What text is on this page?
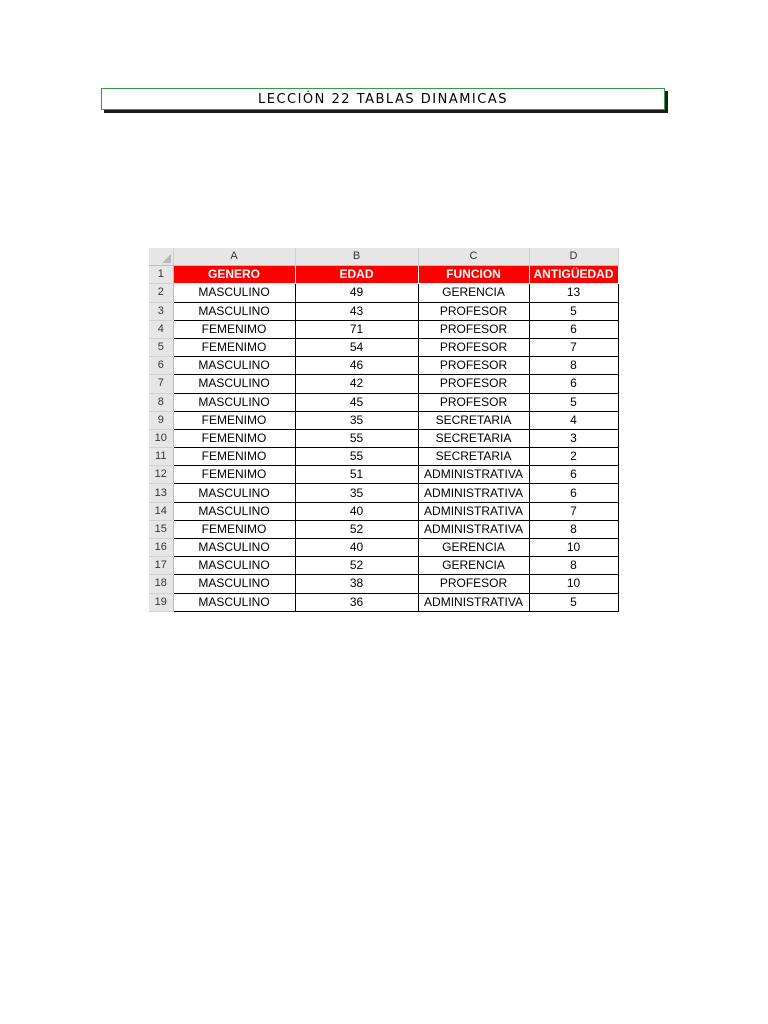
LECCIÓN 22 TABLAS DINAMICAS
	A	B	C	D
1	GENERO	EDAD	FUNCION	ANTIGÜEDAD
2	MASCULINO	49	GERENCIA	13
3	MASCULINO	43	PROFESOR	5
4	FEMENIMO	71	PROFESOR	6
5	FEMENIMO	54	PROFESOR	7
6	MASCULINO	46	PROFESOR	8
7	MASCULINO	42	PROFESOR	6
8	MASCULINO	45	PROFESOR	5
9	FEMENIMO	35	SECRETARIA	4
10	FEMENIMO	55	SECRETARIA	3
11	FEMENIMO	55	SECRETARIA	2
12	FEMENIMO	51	ADMINISTRATIVA	6
13	MASCULINO	35	ADMINISTRATIVA	6
14	MASCULINO	40	ADMINISTRATIVA	7
15	FEMENIMO	52	ADMINISTRATIVA	8
16	MASCULINO	40	GERENCIA	10
17	MASCULINO	52	GERENCIA	8
18	MASCULINO	38	PROFESOR	10
19	MASCULINO	36	ADMINISTRATIVA	5
